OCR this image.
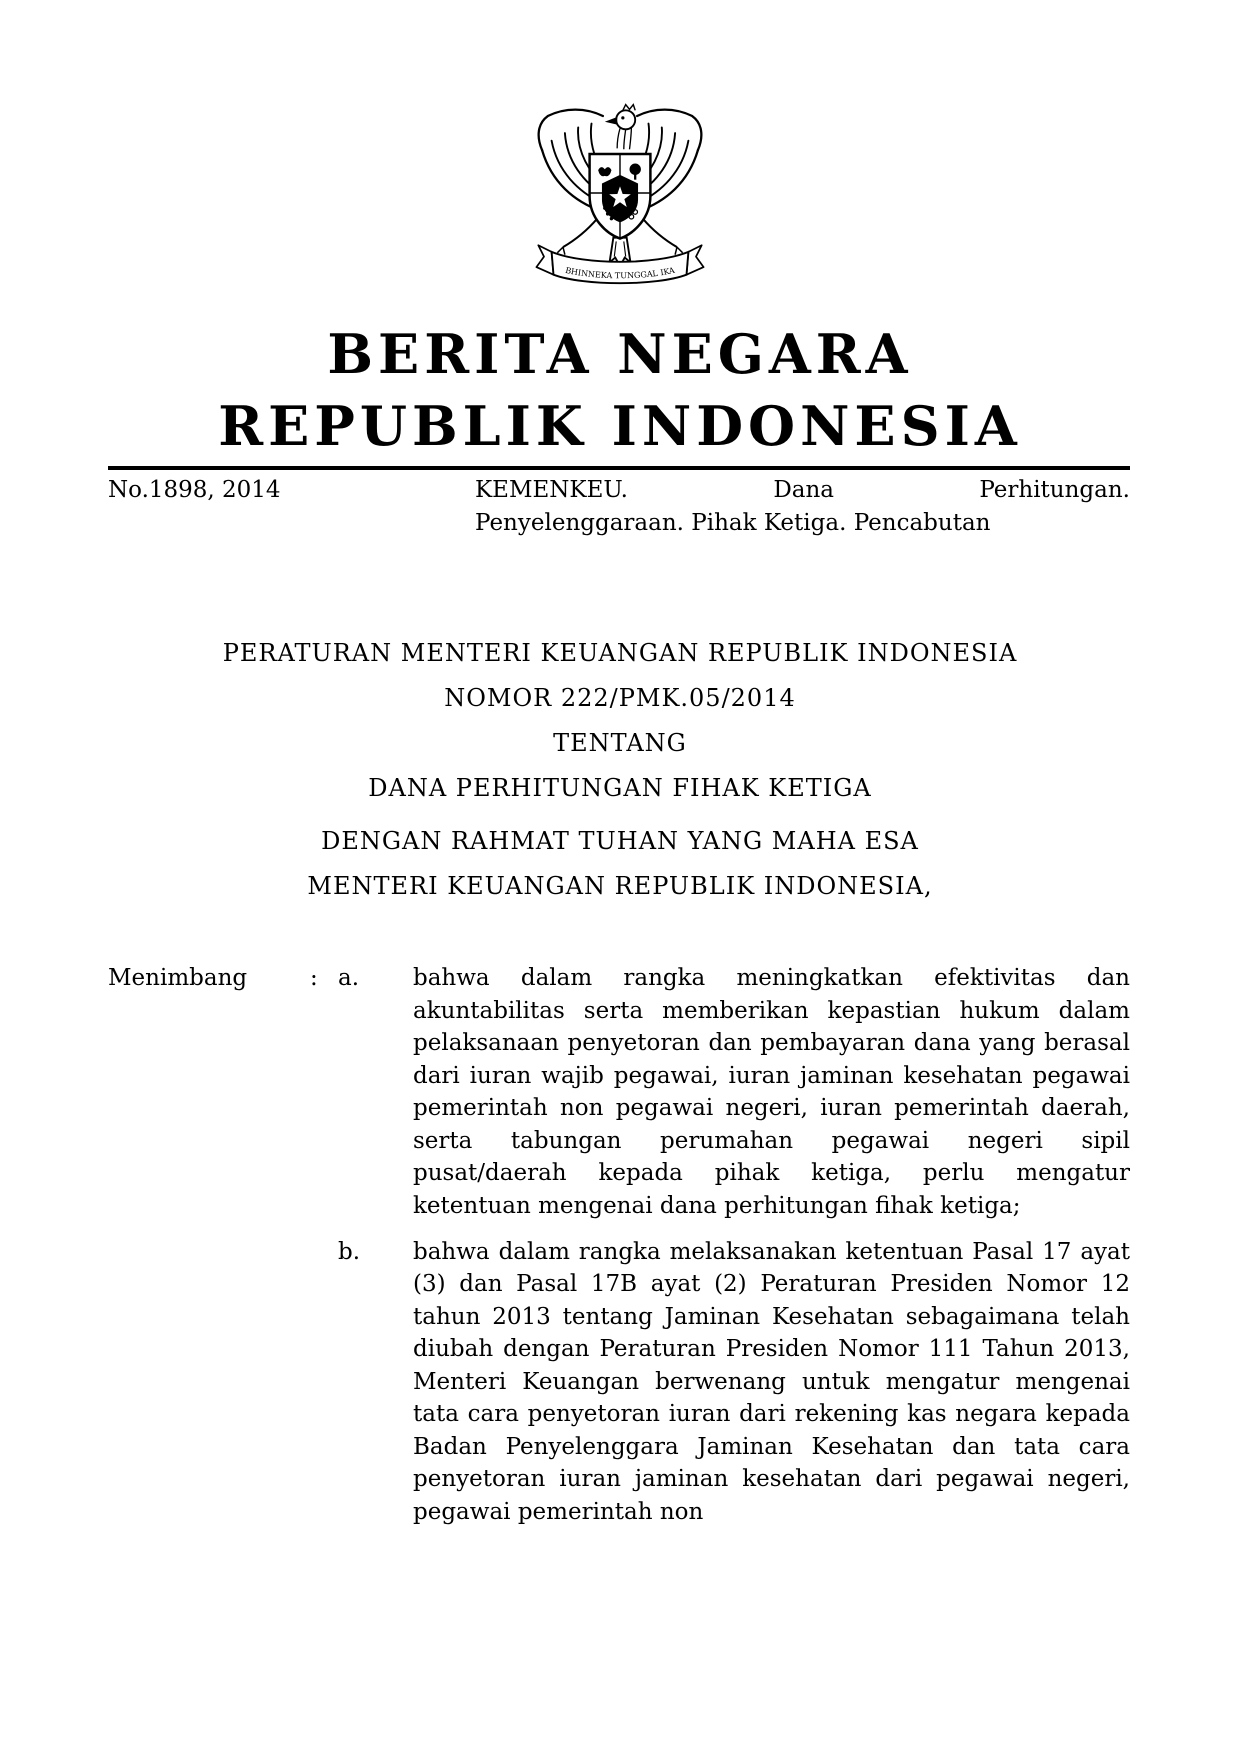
BHINNEKA TUNGGAL IKA
BERITA NEGARA
REPUBLIK INDONESIA
No.1898, 2014	KEMENKEU.	Dana	Perhitungan.
Penyelenggaraan. Pihak Ketiga. Pencabutan
PERATURAN MENTERI KEUANGAN REPUBLIK INDONESIA
NOMOR 222/PMK.05/2014
TENTANG
DANA PERHITUNGAN FIHAK KETIGA
DENGAN RAHMAT TUHAN YANG MAHA ESA
MENTERI KEUANGAN REPUBLIK INDONESIA,
Menimbang	: a.	bahwa dalam rangka meningkatkan efektivitas dan akuntabilitas serta memberikan kepastian hukum dalam pelaksanaan penyetoran dan pembayaran dana yang berasal dari iuran wajib pegawai, iuran jaminan kesehatan pegawai pemerintah non pegawai negeri, iuran pemerintah daerah, serta tabungan perumahan pegawai negeri sipil pusat/daerah kepada pihak ketiga, perlu mengatur ketentuan mengenai dana perhitungan fihak ketiga;
b.	bahwa dalam rangka melaksanakan ketentuan Pasal 17 ayat (3) dan Pasal 17B ayat (2) Peraturan Presiden Nomor 12 tahun 2013 tentang Jaminan Kesehatan sebagaimana telah diubah dengan Peraturan Presiden Nomor 111 Tahun 2013, Menteri Keuangan berwenang untuk mengatur mengenai tata cara penyetoran iuran dari rekening kas negara kepada Badan Penyelenggara Jaminan Kesehatan dan tata cara penyetoran iuran jaminan kesehatan dari pegawai negeri, pegawai pemerintah non
